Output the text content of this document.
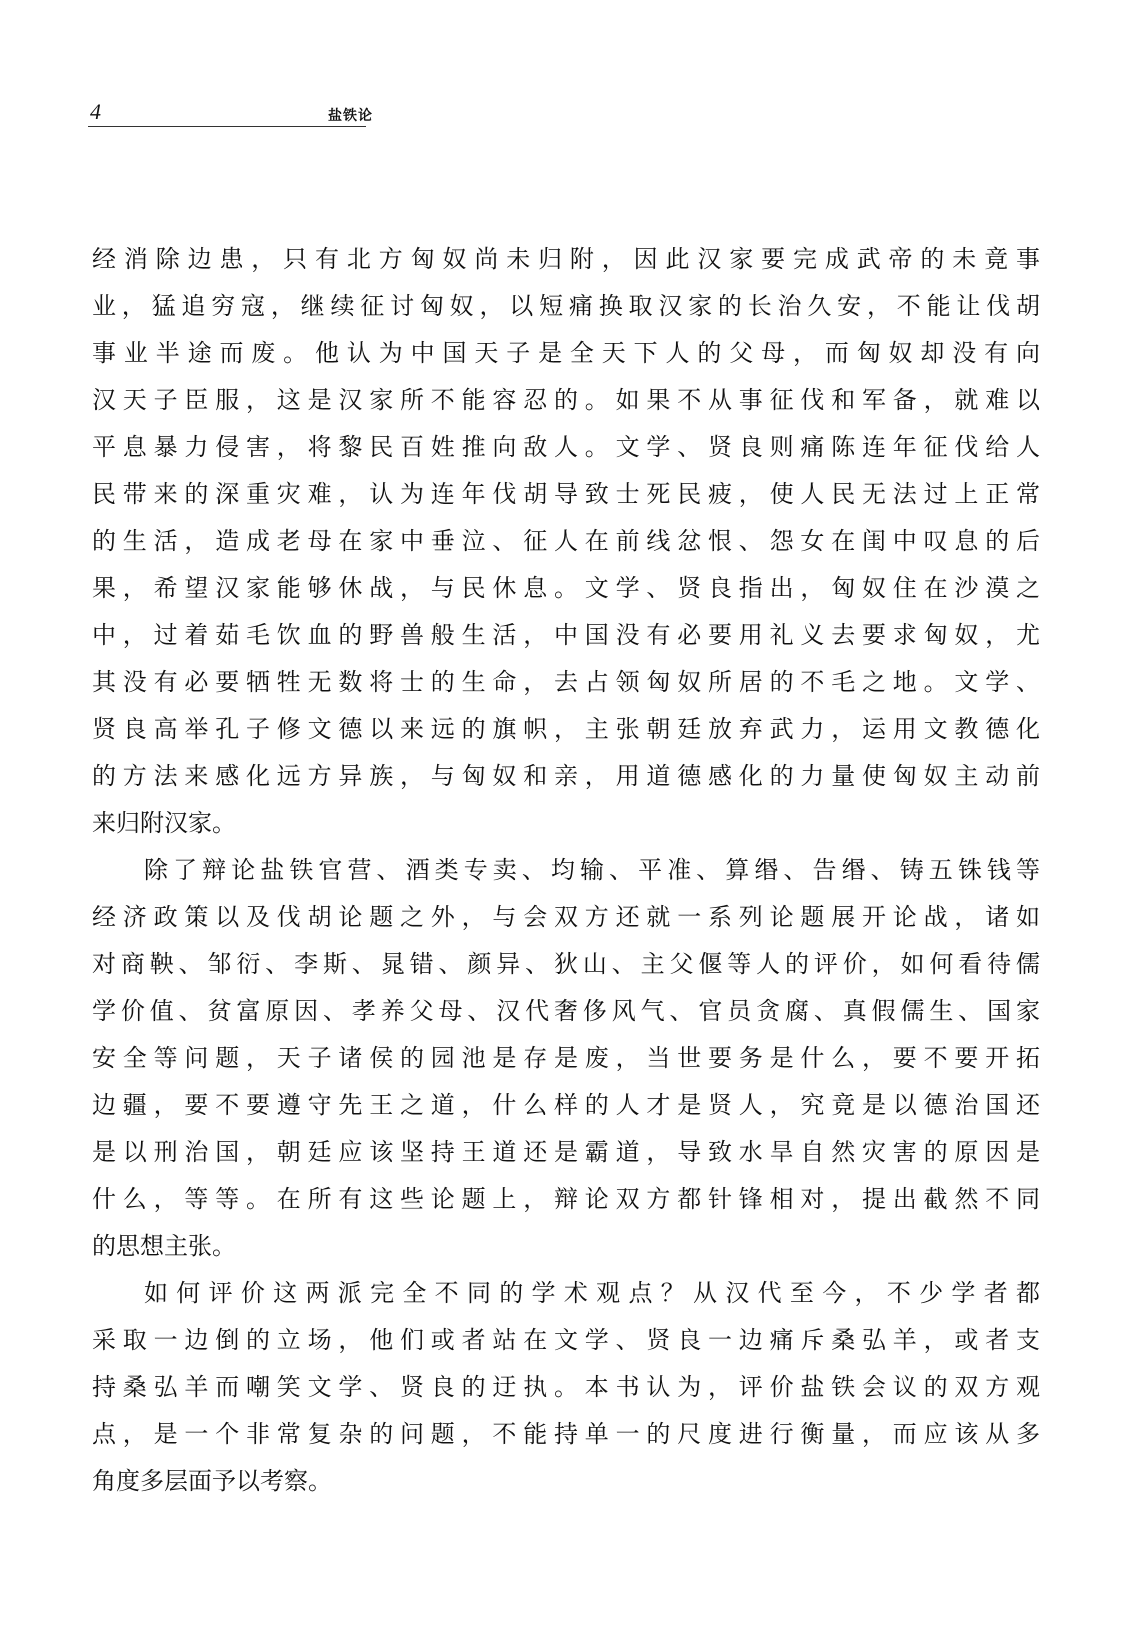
4	盐铁论
经消除边患，只有北方匈奴尚未归附，因此汉家要完成武帝的未竟事
业，猛追穷寇，继续征讨匈奴，以短痛换取汉家的长治久安，不能让伐胡
事业半途而废。他认为中国天子是全天下人的父母，而匈奴却没有向
汉天子臣服，这是汉家所不能容忍的。如果不从事征伐和军备，就难以
平息暴力侵害，将黎民百姓推向敌人。文学、贤良则痛陈连年征伐给人
民带来的深重灾难，认为连年伐胡导致士死民疲，使人民无法过上正常
的生活，造成老母在家中垂泣、征人在前线忿恨、怨女在闺中叹息的后
果，希望汉家能够休战，与民休息。文学、贤良指出，匈奴住在沙漠之
中，过着茹毛饮血的野兽般生活，中国没有必要用礼义去要求匈奴，尤
其没有必要牺牲无数将士的生命，去占领匈奴所居的不毛之地。文学、
贤良高举孔子修文德以来远的旗帜，主张朝廷放弃武力，运用文教德化
的方法来感化远方异族，与匈奴和亲，用道德感化的力量使匈奴主动前
来归附汉家。
除了辩论盐铁官营、酒类专卖、均输、平准、算缗、告缗、铸五铢钱等
经济政策以及伐胡论题之外，与会双方还就一系列论题展开论战，诸如
对商鞅、邹衍、李斯、晁错、颜异、狄山、主父偃等人的评价，如何看待儒
学价值、贫富原因、孝养父母、汉代奢侈风气、官员贪腐、真假儒生、国家
安全等问题，天子诸侯的园池是存是废，当世要务是什么，要不要开拓
边疆，要不要遵守先王之道，什么样的人才是贤人，究竟是以德治国还
是以刑治国，朝廷应该坚持王道还是霸道，导致水旱自然灾害的原因是
什么，等等。在所有这些论题上，辩论双方都针锋相对，提出截然不同
的思想主张。
如何评价这两派完全不同的学术观点？从汉代至今，不少学者都
采取一边倒的立场，他们或者站在文学、贤良一边痛斥桑弘羊，或者支
持桑弘羊而嘲笑文学、贤良的迂执。本书认为，评价盐铁会议的双方观
点，是一个非常复杂的问题，不能持单一的尺度进行衡量，而应该从多
角度多层面予以考察。
